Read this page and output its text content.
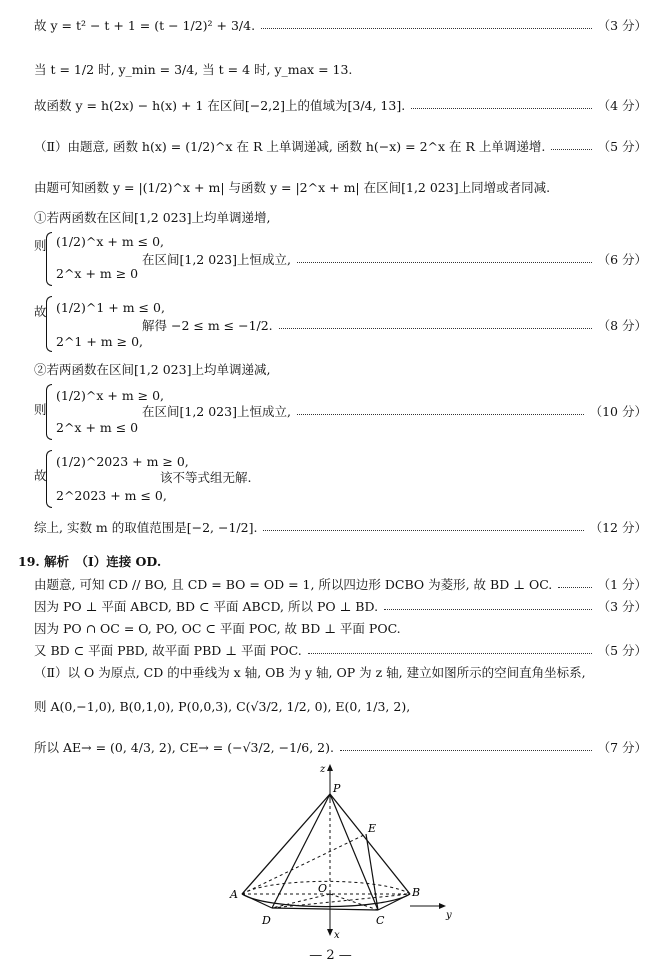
故 y = t² − t + 1 = (t − 1/2)² + 3/4.	（3 分）
当 t = 1/2 时, y_min = 3/4, 当 t = 4 时, y_max = 13.
故函数 y = h(2x) − h(x) + 1 在区间[−2,2]上的值域为[3/4, 13].	（4 分）
（Ⅱ）由题意, 函数 h(x) = (1/2)^x 在 R 上单调递减, 函数 h(−x) = 2^x 在 R 上单调递增.	（5 分）
由题可知函数 y = |(1/2)^x + m| 与函数 y = |2^x + m| 在区间[1,2 023]上同增或者同减.
①若两函数在区间[1,2 023]上均单调递增,
则 (1/2)^x + m ≤ 0,
2^x + m ≥ 0
在区间[1,2 023]上恒成立,	（6 分）
故 (1/2)^1 + m ≤ 0,
2^1 + m ≥ 0,
解得 −2 ≤ m ≤ −1/2.	（8 分）
②若两函数在区间[1,2 023]上均单调递减,
则
(1/2)^x + m ≥ 0,
2^x + m ≤ 0
在区间[1,2 023]上恒成立,	（10 分）
故
(1/2)^2023 + m ≥ 0,
2^2023 + m ≤ 0,
该不等式组无解.
综上, 实数 m 的取值范围是[−2, −1/2].	（12 分）
19. 解析　（Ⅰ）连接 OD.
由题意, 可知 CD // BO, 且 CD = BO = OD = 1, 所以四边形 DCBO 为菱形, 故 BD ⊥ OC.	（1 分）
因为 PO ⊥ 平面 ABCD, BD ⊂ 平面 ABCD, 所以 PO ⊥ BD.	（3 分）
因为 PO ∩ OC = O, PO, OC ⊂ 平面 POC, 故 BD ⊥ 平面 POC.
又 BD ⊂ 平面 PBD, 故平面 PBD ⊥ 平面 POC.	（5 分）
（Ⅱ）以 O 为原点, CD 的中垂线为 x 轴, OB 为 y 轴, OP 为 z 轴, 建立如图所示的空间直角坐标系,
则 A(0,−1,0), B(0,1,0), P(0,0,3), C(√3/2, 1/2, 0), E(0, 1/3, 2),
所以 AE→ = (0, 4/3, 2), CE→ = (−√3/2, −1/6, 2).	（7 分）
z
P
E
O
A	B
C
D
x
y
— 2 —
